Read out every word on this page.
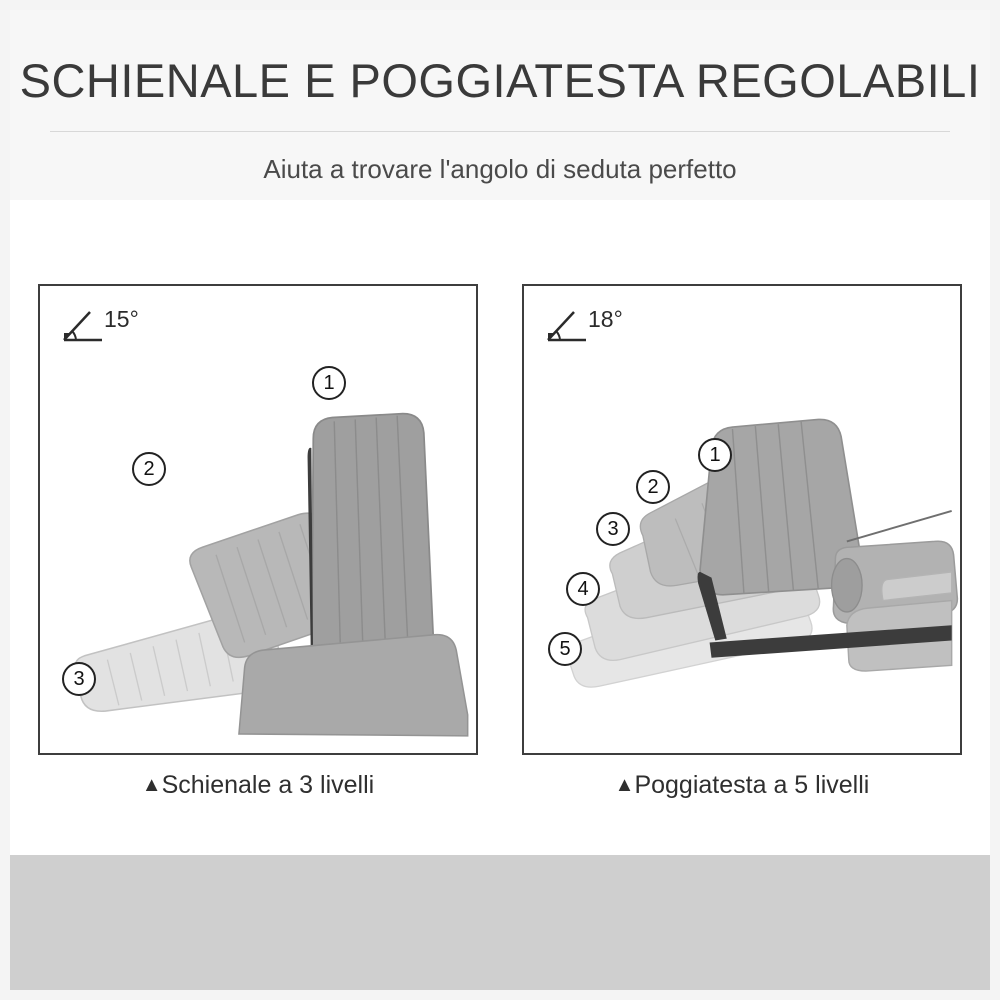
SCHIENALE E POGGIATESTA REGOLABILI

Aiuta a trovare l'angolo di seduta perfetto

15°
1
2
3
▲Schienale a 3 livelli
18°
1
2
3
4
5
▲Poggiatesta a 5 livelli
